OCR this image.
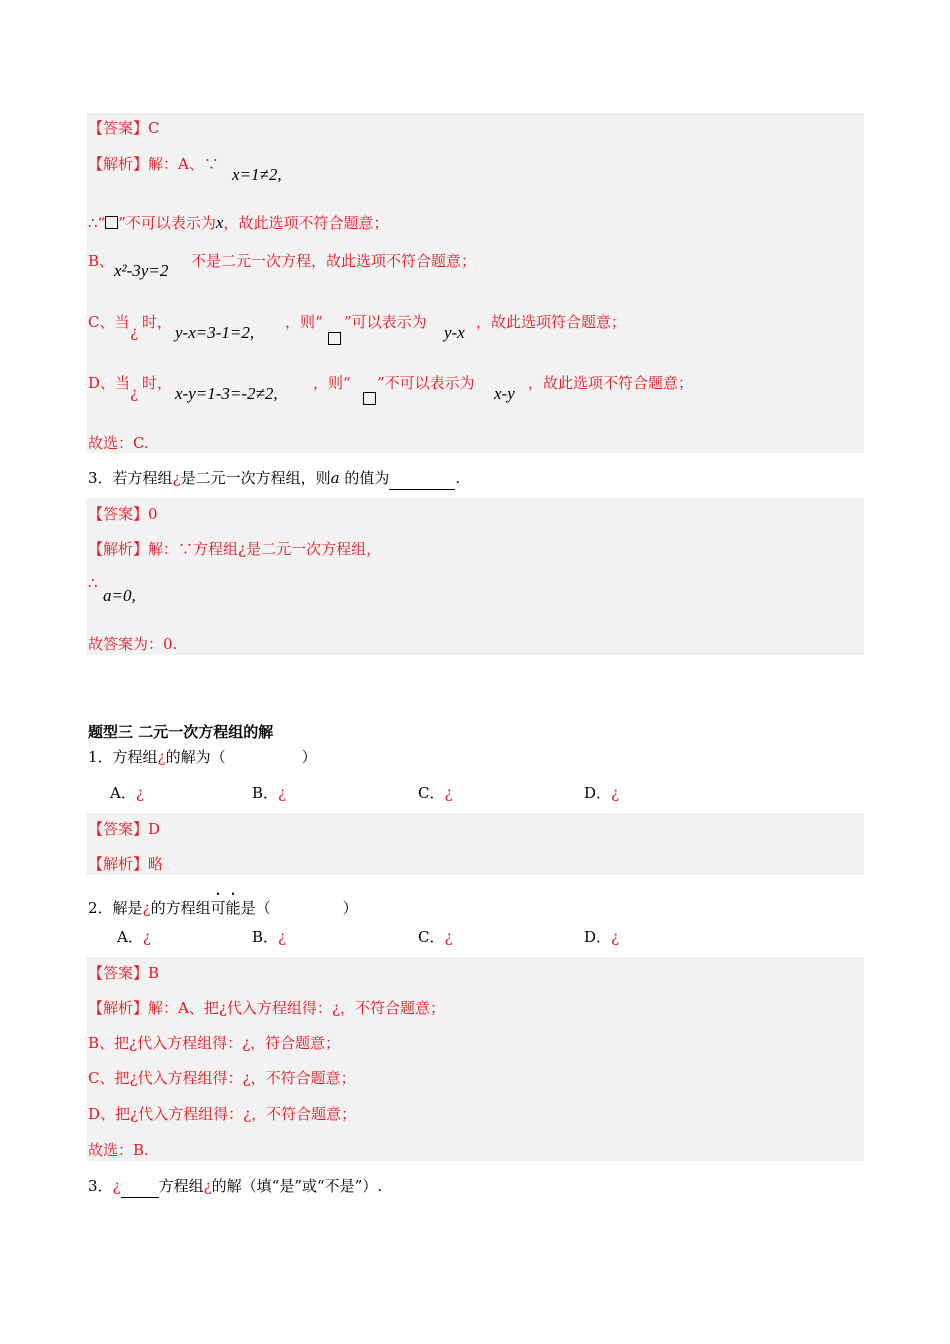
【答案】C
【解析】解：A、∵
x=1≠2,
∴“ ”不可以表示为x，故此选项不符合题意；
B、 x²-3y=2 不是二元一次方程，故此选项不符合题意；
C、当
¿
时，
y-x=3-1=2,
，则“ ”可以表示为
y-x
，故此选项符合题意；
D、当
¿
时，
x-y=1-3=-2≠2,
，则“ ”不可以表示为
x-y
，故此选项不符合题意；
故选：C.
3．若方程组¿是二元一次方程组，则a 的值为	.
【答案】0
【解析】解：∵方程组¿是二元一次方程组，
∴
a=0,
故答案为：0.
题型三 二元一次方程组的解
1．方程组¿的解为（	）
A．¿	B．¿	C．¿	D．¿
【答案】D
【解析】略
2．解是¿的方程组可能是（	）
A．¿	B．¿	C．¿	D．¿
【答案】B
【解析】解：A、把¿代入方程组得：¿，不符合题意；
B、把¿代入方程组得：¿，符合题意；
C、把¿代入方程组得：¿，不符合题意；
D、把¿代入方程组得：¿，不符合题意；
故选：B.
3．¿	方程组¿的解（填“是”或“不是”）.
